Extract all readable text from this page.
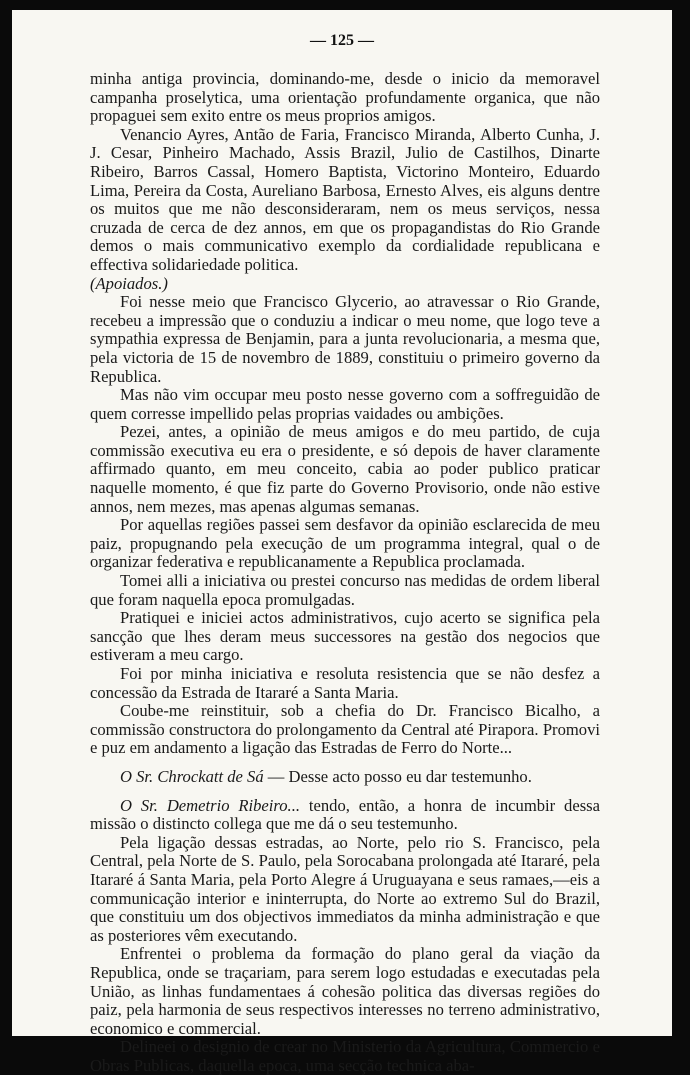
— 125 —

minha antiga provincia, dominando-me, desde o inicio da memoravel campanha proselytica, uma orientação profundamente organica, que não propaguei sem exito entre os meus proprios amigos.

Venancio Ayres, Antão de Faria, Francisco Miranda, Alberto Cunha, J. J. Cesar, Pinheiro Machado, Assis Brazil, Julio de Castilhos, Dinarte Ribeiro, Barros Cassal, Homero Baptista, Victorino Monteiro, Eduardo Lima, Pereira da Costa, Aureliano Barbosa, Ernesto Alves, eis alguns dentre os muitos que me não desconsideraram, nem os meus serviços, nessa cruzada de cerca de dez annos, em que os propagandistas do Rio Grande demos o mais communicativo exemplo da cordialidade republicana e effectiva solidariedade politica.

(Apoiados.)

Foi nesse meio que Francisco Glycerio, ao atravessar o Rio Grande, recebeu a impressão que o conduziu a indicar o meu nome, que logo teve a sympathia expressa de Benjamin, para a junta revolucionaria, a mesma que, pela victoria de 15 de novembro de 1889, constituiu o primeiro governo da Republica.

Mas não vim occupar meu posto nesse governo com a soffreguidão de quem corresse impellido pelas proprias vaidades ou ambições.

Pezei, antes, a opinião de meus amigos e do meu partido, de cuja commissão executiva eu era o presidente, e só depois de haver claramente affirmado quanto, em meu conceito, cabia ao poder publico praticar naquelle momento, é que fiz parte do Governo Provisorio, onde não estive annos, nem mezes, mas apenas algumas semanas.

Por aquellas regiões passei sem desfavor da opinião esclarecida de meu paiz, propugnando pela execução de um programma integral, qual o de organizar federativa e republicanamente a Republica proclamada.

Tomei alli a iniciativa ou prestei concurso nas medidas de ordem liberal que foram naquella epoca promulgadas.

Pratiquei e iniciei actos administrativos, cujo acerto se significa pela sancção que lhes deram meus successores na gestão dos negocios que estiveram a meu cargo.

Foi por minha iniciativa e resoluta resistencia que se não desfez a concessão da Estrada de Itararé a Santa Maria.

Coube-me reinstituir, sob a chefia do Dr. Francisco Bicalho, a commissão constructora do prolongamento da Central até Pirapora. Promovi e puz em andamento a ligação das Estradas de Ferro do Norte...

O Sr. Chrockatt de Sá — Desse acto posso eu dar testemunho.

O Sr. Demetrio Ribeiro... tendo, então, a honra de incumbir dessa missão o distincto collega que me dá o seu testemunho.

Pela ligação dessas estradas, ao Norte, pelo rio S. Francisco, pela Central, pela Norte de S. Paulo, pela Sorocabana prolongada até Itararé, pela Itararé á Santa Maria, pela Porto Alegre á Uruguayana e seus ramaes,—eis a communicação interior e ininterrupta, do Norte ao extremo Sul do Brazil, que constituiu um dos objectivos immediatos da minha administração e que as posteriores vêm executando.

Enfrentei o problema da formação do plano geral da viação da Republica, onde se traçariam, para serem logo estudadas e executadas pela União, as linhas fundamentaes á cohesão politica das diversas regiões do paiz, pela harmonia de seus respectivos interesses no terreno administrativo, economico e commercial.

Delineei o designio de crear no Ministerio da Agricultura, Commercio e Obras Publicas, daquella epoca, uma secção technica aba-
